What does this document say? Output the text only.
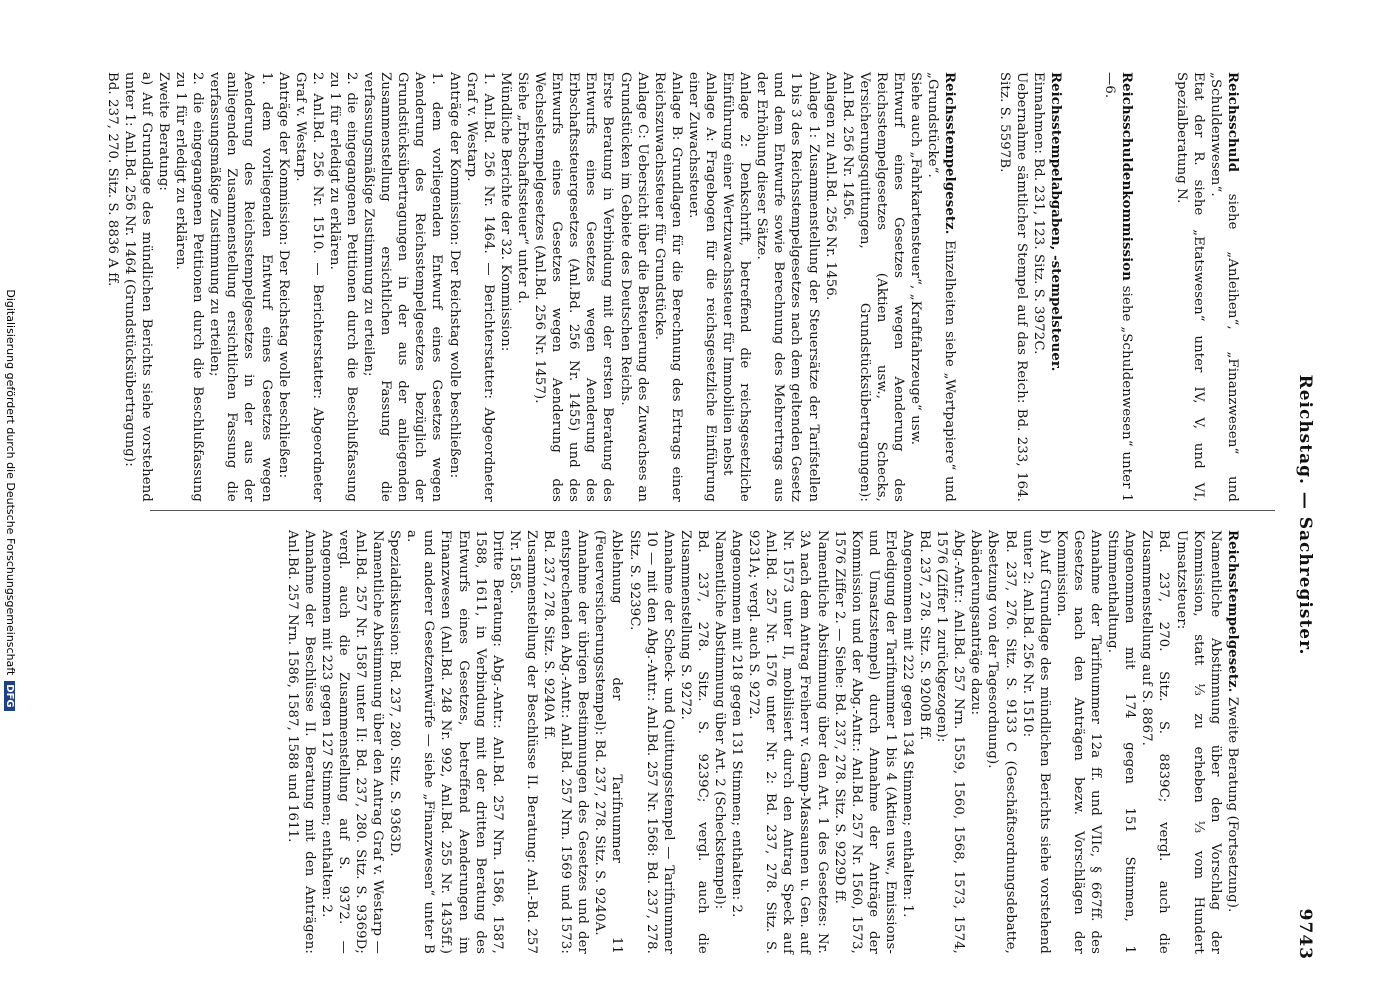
Reichstag. — Sachregister.
9743

Reichsschuld siehe „Anleihen“, „Finanzwesen“ und „Schuldenwesen“.
Etat der R. siehe „Etatswesen“ unter IV, V, und VI, Spezialberatung N.

Reichsschuldenkommission siehe „Schuldenwesen“ unter 1—6.

Reichsstempelabgaben, -stempelsteuer.
Einnahmen: Bd. 231, 123. Sitz. S. 3972C.
Uebernahme sämtlicher Stempel auf das Reich: Bd. 233, 164. Sitz. S. 5597B.

Reichsstempelgesetz. Einzelheiten siehe „Wertpapiere“ und „Grundstücke“.
Siehe auch „Fahrkartensteuer“, „Kraftfahrzeuge“ usw.
Entwurf eines Gesetzes wegen Aenderung des Reichsstempelgesetzes (Aktien usw., Schecks, Versicherungsquittungen, Grundstücksübertragungen): Anl.Bd. 256 Nr. 1456.
Anlagen zu Anl.Bd. 256 Nr. 1456.
Anlage 1: Zusammenstellung der Steuersätze der Tarifstellen 1 bis 3 des Reichsstempelgesetzes nach dem geltenden Gesetz und dem Entwurfe sowie Berechnung des Mehrertrags aus der Erhöhung dieser Sätze.
Anlage 2: Denkschrift, betreffend die reichsgesetzliche Einführung einer Wertzuwachssteuer für Immobilien nebst
Anlage A: Fragebogen für die reichsgesetzliche Einführung einer Zuwachssteuer.
Anlage B: Grundlagen für die Berechnung des Ertrags einer Reichszuwachssteuer für Grundstücke.
Anlage C: Uebersicht über die Besteuerung des Zuwachses an Grundstücken im Gebiete des Deutschen Reichs.
Erste Beratung in Verbindung mit der ersten Beratung des Entwurfs eines Gesetzes wegen Aenderung des Erbschaftssteuergesetzes (Anl.Bd. 256 Nr. 1455) und des Entwurfs eines Gesetzes wegen Aenderung des Wechselstempelgesetzes (Anl.Bd. 256 Nr. 1457).
Siehe „Erbschaftssteuer“ unter d.
Mündliche Berichte der 32. Kommission:
1. Anl.Bd. 256 Nr. 1464. — Berichterstatter: Abgeordneter Graf v. Westarp.
Anträge der Kommission: Der Reichstag wolle beschließen:
1. dem vorliegenden Entwurf eines Gesetzes wegen Aenderung des Reichsstempelgesetzes bezüglich der Grundstücksübertragungen in der aus der anliegenden Zusammenstellung ersichtlichen Fassung die verfassungsmäßige Zustimmung zu erteilen;
2. die eingegangenen Petitionen durch die Beschlußfassung zu 1 für erledigt zu erklären.
2. Anl.Bd. 256 Nr. 1510. — Berichterstatter: Abgeordneter Graf v. Westarp.
Anträge der Kommission: Der Reichstag wolle beschließen:
1. dem vorliegenden Entwurf eines Gesetzes wegen Aenderung des Reichsstempelgesetzes in der aus der anliegenden Zusammenstellung ersichtlichen Fassung die verfassungsmäßige Zustimmung zu erteilen;
2. die eingegangenen Petitionen durch die Beschlußfassung zu 1 für erledigt zu erklären.
Zweite Beratung:
a) Auf Grundlage des mündlichen Berichts siehe vorstehend unter 1: Anl.Bd. 256 Nr. 1464 (Grundstücksübertragung):
Bd. 237, 270. Sitz. S. 8836 A ff.

Reichsstempelgesetz. Zweite Beratung (Fortsetzung).
Namentliche Abstimmung über den Vorschlag der Kommission, statt ⅓ zu erheben ⅓ vom Hundert Umsatzsteuer:
Bd. 237, 270. Sitz. S. 8839C; vergl. auch die Zusammenstellung auf S. 8867.
Angenommen mit 174 gegen 151 Stimmen, 1 Stimmenthaltung.
Annahme der Tarifnummer 12a ff. und VIIc, § 667ff. des Gesetzes nach den Anträgen bezw. Vorschlägen der Kommission.
b) Auf Grundlage des mündlichen Berichts siehe vorstehend unter 2: Anl.Bd. 256 Nr. 1510:
Bd. 237, 276. Sitz. S. 9133 C (Geschäftsordnungsdebatte, Absetzung von der Tagesordnung).
Abänderungsanträge dazu:
Abg.-Antr.: Anl.Bd. 257 Nrn. 1559, 1560, 1568, 1573, 1574, 1576 (Ziffer 1 zurückgezogen):
Bd. 237, 278. Sitz. S. 9200B ff.
Angenommen mit 222 gegen 134 Stimmen; enthalten: 1.
Erledigung der Tarifnummer 1 bis 4 (Aktien usw., Emissions- und Umsatzstempel) durch Annahme der Anträge der Kommission und der Abg.-Antr.: Anl.Bd. 257 Nr. 1560, 1573, 1576 Ziffer 2. — Siehe: Bd. 237, 278. Sitz. S. 9229D ff.
Namentliche Abstimmung über den Art. 1 des Gesetzes: Nr. 3A nach dem Antrag Freiherr v. Gamp-Massaunen u. Gen. auf Nr. 1573 unter II, mobilisiert durch den Antrag Speck auf Anl.Bd. 257 Nr. 1576 unter Nr. 2: Bd. 237, 278. Sitz. S. 9231A; vergl. auch S. 9272.
Angenommen mit 218 gegen 131 Stimmen; enthalten: 2.
Namentliche Abstimmung über Art. 2 (Scheckstempel):
Bd. 237, 278. Sitz. S. 9239C; vergl. auch die Zusammenstellung S. 9272.
Annahme der Scheck- und Quittungsstempel — Tarifnummer 10 — mit den Abg.-Antr.: Anl.Bd. 257 Nr. 1568: Bd. 237, 278. Sitz. S. 9239C.
Ablehnung der Tarifnummer 11 (Feuerversicherungsstempel): Bd. 237, 278. Sitz. S. 9240A.
Annahme der übrigen Bestimmungen des Gesetzes und der entsprechenden Abg.-Antr.: Anl.Bd. 257 Nrn. 1569 und 1573: Bd. 237, 278. Sitz. S. 9240A ff.
Zusammenstellung der Beschlüsse II. Beratung: Anl.-Bd. 257 Nr. 1585.
Dritte Beratung: Abg.-Antr.: Anl.Bd. 257 Nrn. 1586, 1587, 1588, 1611, in Verbindung mit der dritten Beratung des Entwurfs eines Gesetzes, betreffend Aenderungen im Finanzwesen (Anl.Bd. 248 Nr. 992, Anl.Bd. 255 Nr. 1435ff.) und anderer Gesetzentwürfe — siehe „Finanzwesen“ unter B a.
Spezialdiskussion: Bd. 237, 280. Sitz. S. 9363D.
Namentliche Abstimmung über den Antrag Graf v. Westarp — Anl.Bd. 257 Nr. 1587 unter II: Bd. 237, 280. Sitz. S. 9369D; vergl. auch die Zusammenstellung auf S. 9372. — Angenommen mit 223 gegen 127 Stimmen; enthalten: 2.
Annahme der Beschlüsse II. Beratung mit den Anträgen: Anl.Bd. 257 Nrn. 1586, 1587, 1588 und 1611.

Digitalisierung gefördert durch die Deutsche ForschungsgemeinschaftDFG
